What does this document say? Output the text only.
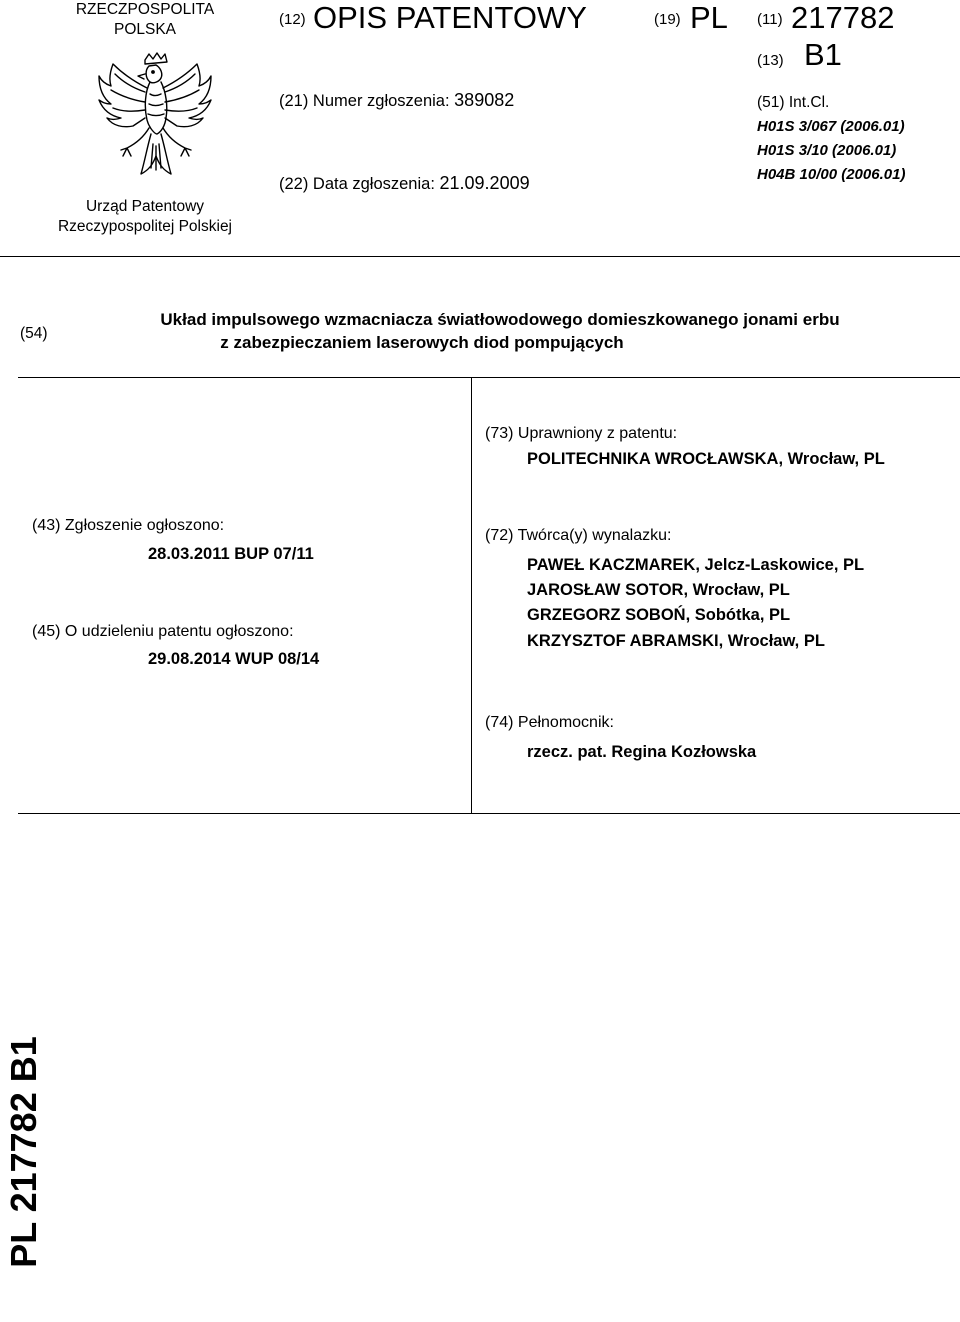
RZECZPOSPOLITA
POLSKA
Urząd Patentowy
Rzeczypospolitej Polskiej
(12) OPIS PATENTOWY
(21) Numer zgłoszenia: 389082
(22) Data zgłoszenia: 21.09.2009
(19) PL (11) 217782
(13) B1
(51) Int.Cl.
H01S 3/067 (2006.01)
H01S 3/10 (2006.01)
H04B 10/00 (2006.01)
(54)
Układ impulsowego wzmacniacza światłowodowego domieszkowanego jonami erbu
z zabezpieczaniem laserowych diod pompujących
(73) Uprawniony z patentu:
POLITECHNIKA WROCŁAWSKA, Wrocław, PL
(43) Zgłoszenie ogłoszono:
28.03.2011 BUP 07/11
(45) O udzieleniu patentu ogłoszono:
29.08.2014 WUP 08/14
(72) Twórca(y) wynalazku:
PAWEŁ KACZMAREK, Jelcz-Laskowice, PL
JAROSŁAW SOTOR, Wrocław, PL
GRZEGORZ SOBOŃ, Sobótka, PL
KRZYSZTOF ABRAMSKI, Wrocław, PL
(74) Pełnomocnik:
rzecz. pat. Regina Kozłowska
PL 217782 B1
